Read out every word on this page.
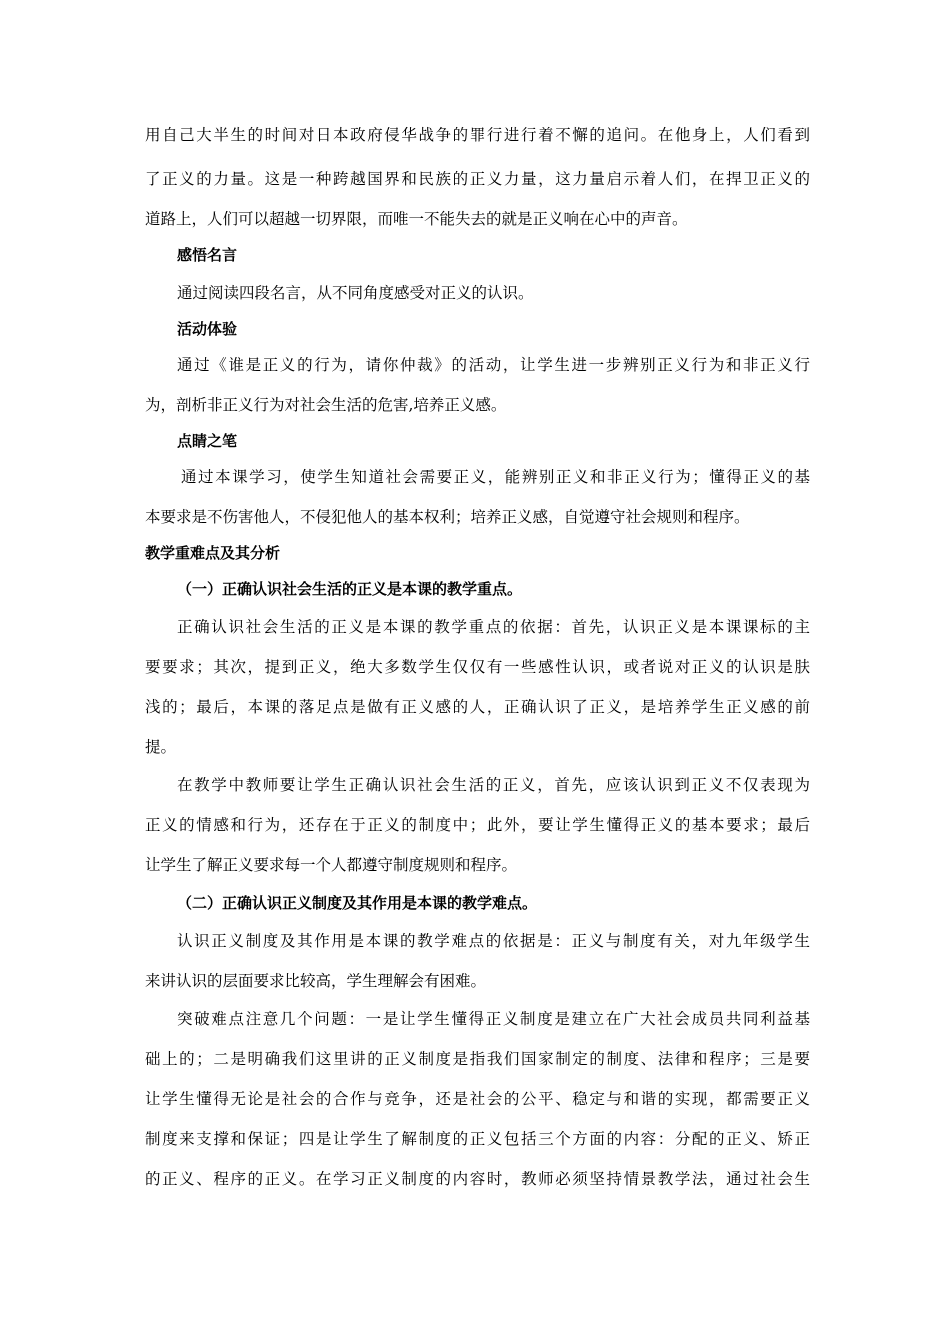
用自己大半生的时间对日本政府侵华战争的罪行进行着不懈的追问。在他身上，人们看到
了正义的力量。这是一种跨越国界和民族的正义力量，这力量启示着人们，在捍卫正义的
道路上，人们可以超越一切界限，而唯一不能失去的就是正义响在心中的声音。
感悟名言
通过阅读四段名言，从不同角度感受对正义的认识。
活动体验
通过《谁是正义的行为，请你仲裁》的活动，让学生进一步辨别正义行为和非正义行
为，剖析非正义行为对社会生活的危害,培养正义感。
点睛之笔
通过本课学习，使学生知道社会需要正义，能辨别正义和非正义行为；懂得正义的基
本要求是不伤害他人，不侵犯他人的基本权利；培养正义感，自觉遵守社会规则和程序。
教学重难点及其分析
（一）正确认识社会生活的正义是本课的教学重点。
正确认识社会生活的正义是本课的教学重点的依据：首先，认识正义是本课课标的主
要要求；其次，提到正义，绝大多数学生仅仅有一些感性认识，或者说对正义的认识是肤
浅的；最后，本课的落足点是做有正义感的人，正确认识了正义，是培养学生正义感的前
提。
在教学中教师要让学生正确认识社会生活的正义，首先，应该认识到正义不仅表现为
正义的情感和行为，还存在于正义的制度中；此外，要让学生懂得正义的基本要求；最后
让学生了解正义要求每一个人都遵守制度规则和程序。
（二）正确认识正义制度及其作用是本课的教学难点。
认识正义制度及其作用是本课的教学难点的依据是：正义与制度有关，对九年级学生
来讲认识的层面要求比较高，学生理解会有困难。
突破难点注意几个问题：一是让学生懂得正义制度是建立在广大社会成员共同利益基
础上的；二是明确我们这里讲的正义制度是指我们国家制定的制度、法律和程序；三是要
让学生懂得无论是社会的合作与竞争，还是社会的公平、稳定与和谐的实现，都需要正义
制度来支撑和保证；四是让学生了解制度的正义包括三个方面的内容：分配的正义、矫正
的正义、程序的正义。在学习正义制度的内容时，教师必须坚持情景教学法，通过社会生
